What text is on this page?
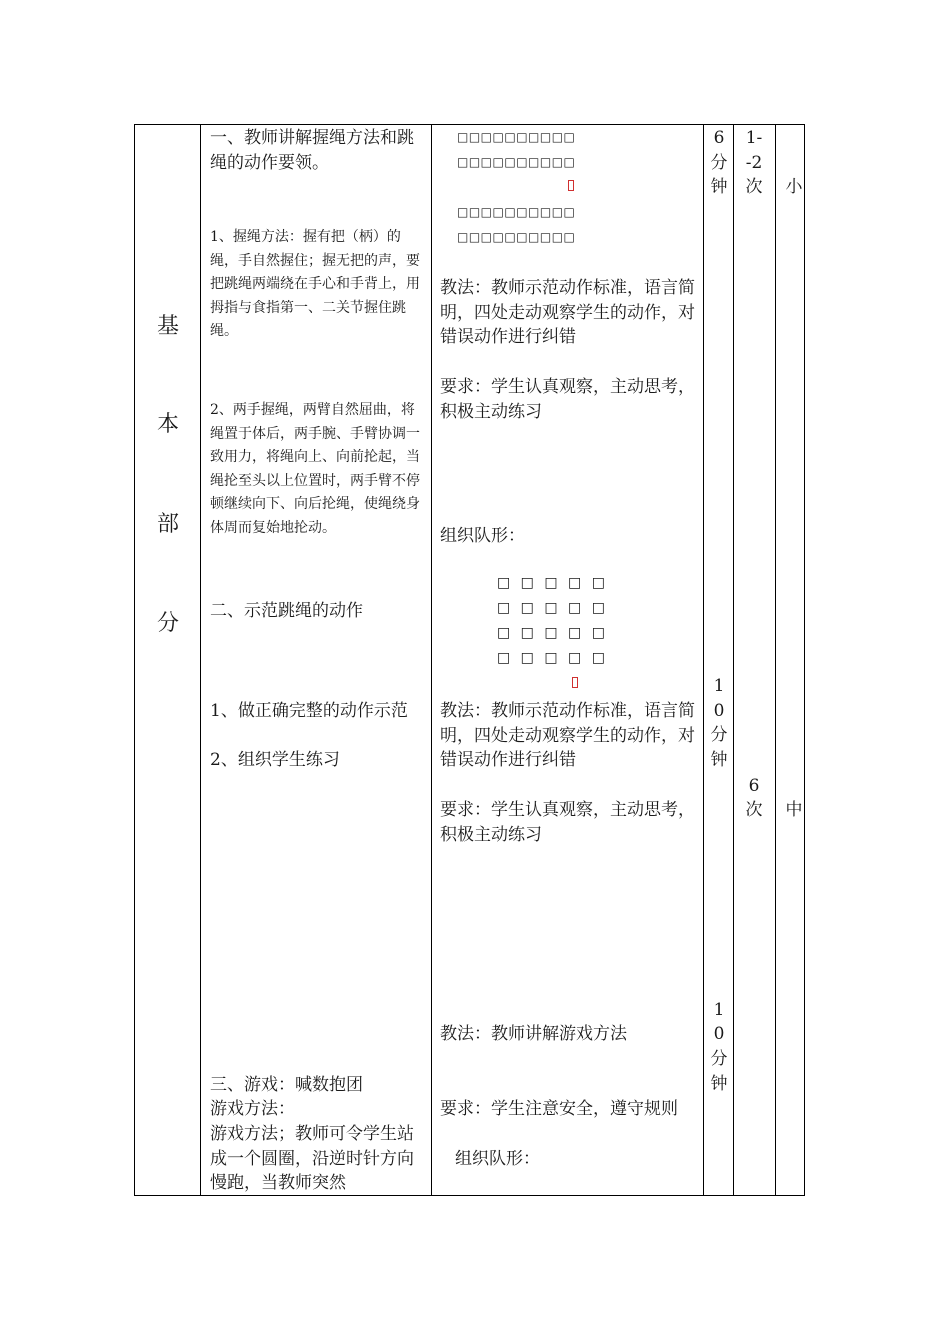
基
本
部
分
一、教师讲解握绳方法和跳绳的动作要领。
1、握绳方法：握有把（柄）的绳，手自然握住；握无把的声，要把跳绳两端绕在手心和手背上，用拇指与食指第一、二关节握住跳绳。
2、两手握绳，两臂自然屈曲，将绳置于体后，两手腕、手臂协调一致用力，将绳向上、向前抡起，当绳抡至头以上位置时，两手臂不停顿继续向下、向后抡绳，使绳绕身体周而复始地抡动。
二、示范跳绳的动作
1、做正确完整的动作示范
2、组织学生练习
三、游戏：喊数抱团
游戏方法：
游戏方法；教师可令学生站成一个圆圈，沿逆时针方向慢跑，当教师突然
□□□□□□□□□□
□□□□□□□□□□
□□□□□□□□□□
□□□□□□□□□□
教法：教师示范动作标准，语言简明，四处走动观察学生的动作，对错误动作进行纠错
要求：学生认真观察，主动思考，积极主动练习
组织队形：
□ □ □ □ □
□ □ □ □ □
□ □ □ □ □
□ □ □ □ □
教法：教师示范动作标准，语言简明，四处走动观察学生的动作，对错误动作进行纠错
要求：学生认真观察，主动思考，积极主动练习
教法：教师讲解游戏方法
要求：学生注意安全，遵守规则
组织队形：
6
分
钟
1
0
分
钟
1
0
分
钟
1-
-2
次
6
次
小
中
